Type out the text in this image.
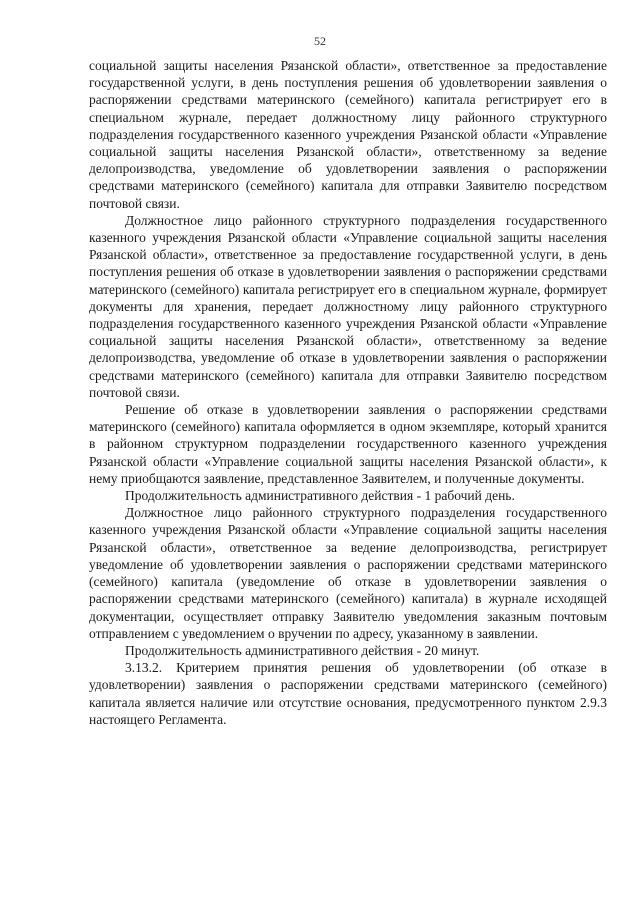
52

социальной защиты населения Рязанской области», ответственное за предоставление государственной услуги, в день поступления решения об удовлетворении заявления о распоряжении средствами материнского (семейного) капитала регистрирует его в специальном журнале, передает должностному лицу районного структурного подразделения государственного казенного учреждения Рязанской области «Управление социальной защиты населения Рязанской области», ответственному за ведение делопроизводства, уведомление об удовлетворении заявления о распоряжении средствами материнского (семейного) капитала для отправки Заявителю посредством почтовой связи.

Должностное лицо районного структурного подразделения государственного казенного учреждения Рязанской области «Управление социальной защиты населения Рязанской области», ответственное за предоставление государственной услуги, в день поступления решения об отказе в удовлетворении заявления о распоряжении средствами материнского (семейного) капитала регистрирует его в специальном журнале, формирует документы для хранения, передает должностному лицу районного структурного подразделения государственного казенного учреждения Рязанской области «Управление социальной защиты населения Рязанской области», ответственному за ведение делопроизводства, уведомление об отказе в удовлетворении заявления о распоряжении средствами материнского (семейного) капитала для отправки Заявителю посредством почтовой связи.

Решение об отказе в удовлетворении заявления о распоряжении средствами материнского (семейного) капитала оформляется в одном экземпляре, который хранится в районном структурном подразделении государственного казенного учреждения Рязанской области «Управление социальной защиты населения Рязанской области», к нему приобщаются заявление, представленное Заявителем, и полученные документы.

Продолжительность административного действия - 1 рабочий день.

Должностное лицо районного структурного подразделения государственного казенного учреждения Рязанской области «Управление социальной защиты населения Рязанской области», ответственное за ведение делопроизводства, регистрирует уведомление об удовлетворении заявления о распоряжении средствами материнского (семейного) капитала (уведомление об отказе в удовлетворении заявления о распоряжении средствами материнского (семейного) капитала) в журнале исходящей документации, осуществляет отправку Заявителю уведомления заказным почтовым отправлением с уведомлением о вручении по адресу, указанному в заявлении.

Продолжительность административного действия - 20 минут.

3.13.2. Критерием принятия решения об удовлетворении (об отказе в удовлетворении) заявления о распоряжении средствами материнского (семейного) капитала является наличие или отсутствие основания, предусмотренного пунктом 2.9.3 настоящего Регламента.
